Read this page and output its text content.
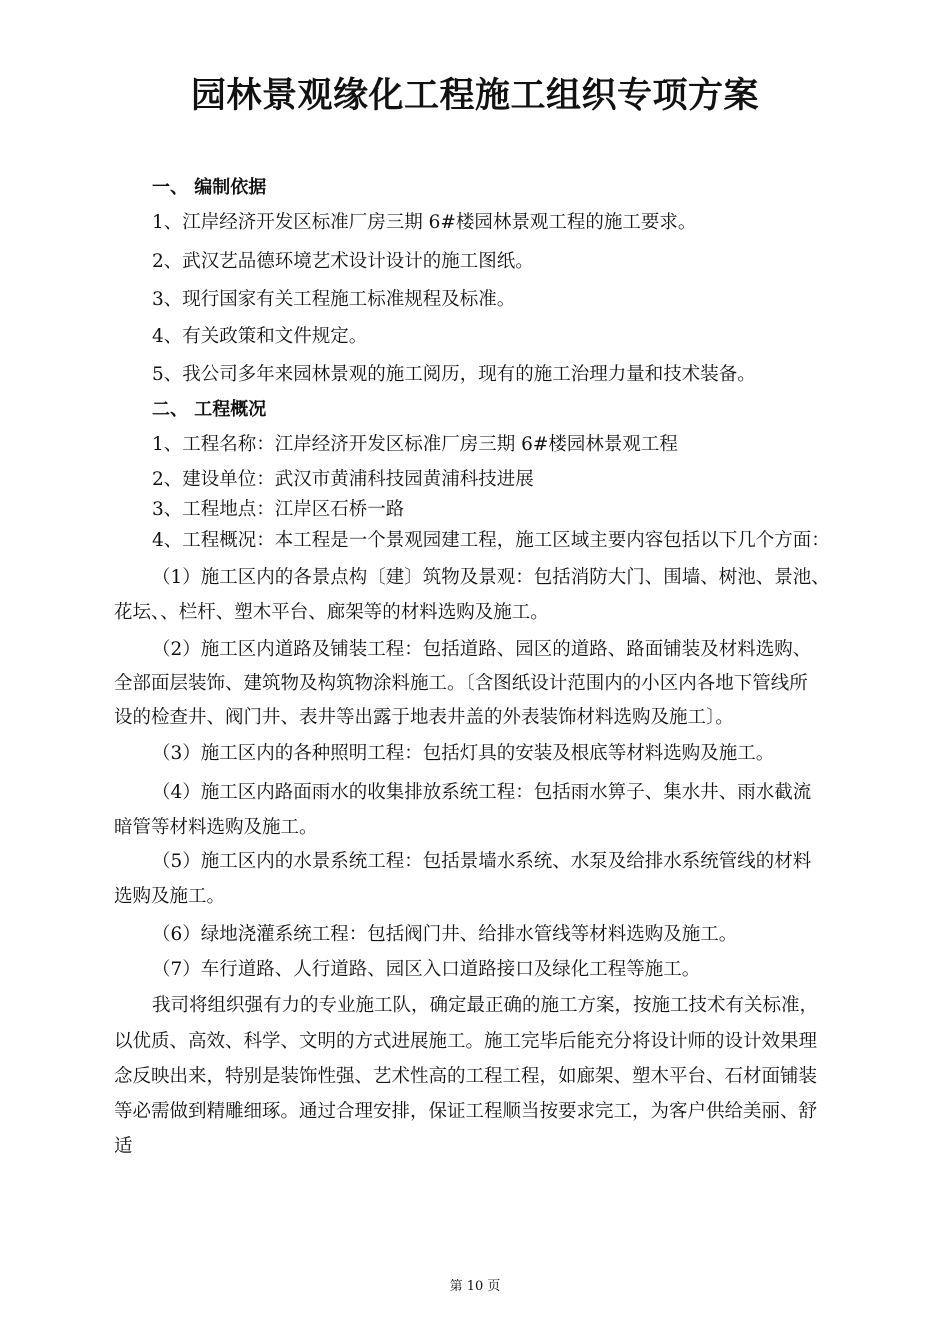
园林景观缘化工程施工组织专项方案

一、 编制依据

1、江岸经济开发区标准厂房三期 6#楼园林景观工程的施工要求。

2、武汉艺品德环境艺术设计设计的施工图纸。

3、现行国家有关工程施工标准规程及标准。

4、有关政策和文件规定。

5、我公司多年来园林景观的施工阅历，现有的施工治理力量和技术装备。

二、 工程概况

1、工程名称：江岸经济开发区标准厂房三期 6#楼园林景观工程

2、建设单位：武汉市黄浦科技园黄浦科技进展

3、工程地点：江岸区石桥一路

4、工程概况：本工程是一个景观园建工程，施工区域主要内容包括以下几个方面：

（1）施工区内的各景点构〔建〕筑物及景观：包括消防大门、围墙、树池、景池、

花坛、、栏杆、塑木平台、廊架等的材料选购及施工。

（2）施工区内道路及铺装工程：包括道路、园区的道路、路面铺装及材料选购、

全部面层装饰、建筑物及构筑物涂料施工。〔含图纸设计范围内的小区内各地下管线所

设的检查井、阀门井、表井等出露于地表井盖的外表装饰材料选购及施工〕。

（3）施工区内的各种照明工程：包括灯具的安装及根底等材料选购及施工。

（4）施工区内路面雨水的收集排放系统工程：包括雨水箅子、集水井、雨水截流

暗管等材料选购及施工。

（5）施工区内的水景系统工程：包括景墙水系统、水泵及给排水系统管线的材料

选购及施工。

（6）绿地浇灌系统工程：包括阀门井、给排水管线等材料选购及施工。

（7）车行道路、人行道路、园区入口道路接口及绿化工程等施工。

我司将组织强有力的专业施工队，确定最正确的施工方案，按施工技术有关标准，

以优质、高效、科学、文明的方式进展施工。施工完毕后能充分将设计师的设计效果理

念反映出来，特别是装饰性强、艺术性高的工程工程，如廊架、塑木平台、石材面铺装

等必需做到精雕细琢。通过合理安排，保证工程顺当按要求完工，为客户供给美丽、舒

适

第 10 页
